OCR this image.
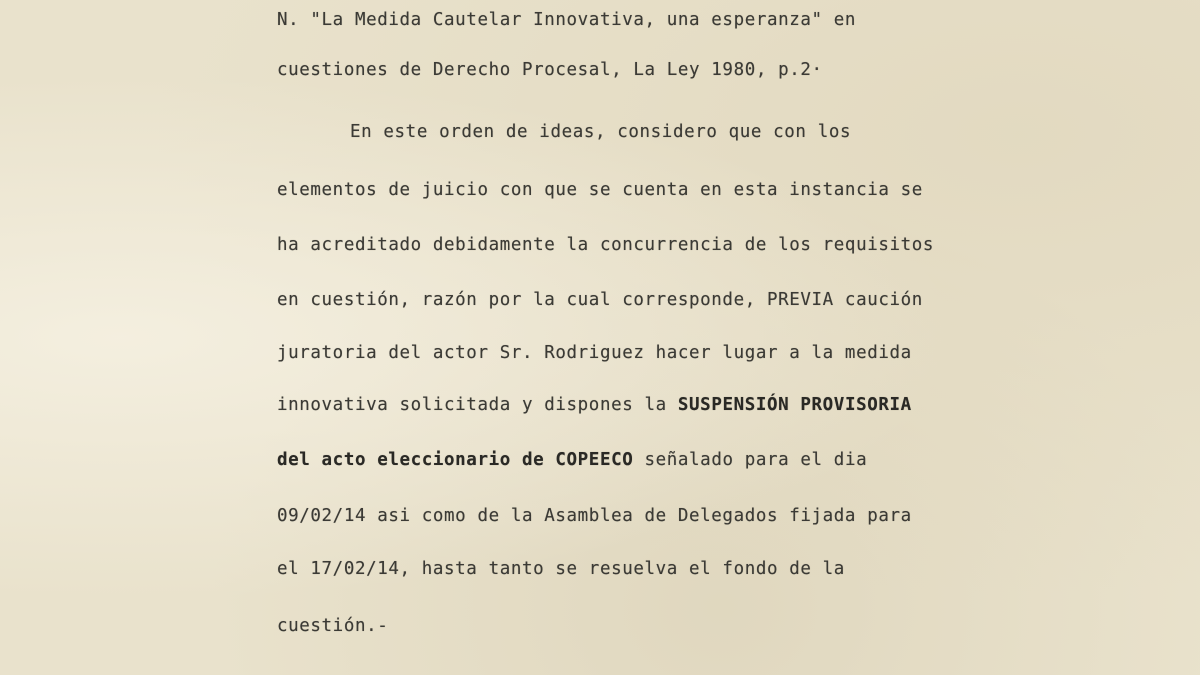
N. "La Medida Cautelar Innovativa, una esperanza" en
cuestiones de Derecho Procesal, La Ley 1980, p.2·
En este orden de ideas, considero que con los
elementos de juicio con que se cuenta en esta instancia se
ha acreditado debidamente la concurrencia de los requisitos
en cuestión, razón por la cual corresponde, PREVIA caución
juratoria del actor Sr. Rodriguez hacer lugar a la medida
innovativa solicitada y dispones la SUSPENSIÓN PROVISORIA
del acto eleccionario de COPEECO señalado para el dia
09/02/14 asi como de la Asamblea de Delegados fijada para
el 17/02/14, hasta tanto se resuelva el fondo de la
cuestión.-
